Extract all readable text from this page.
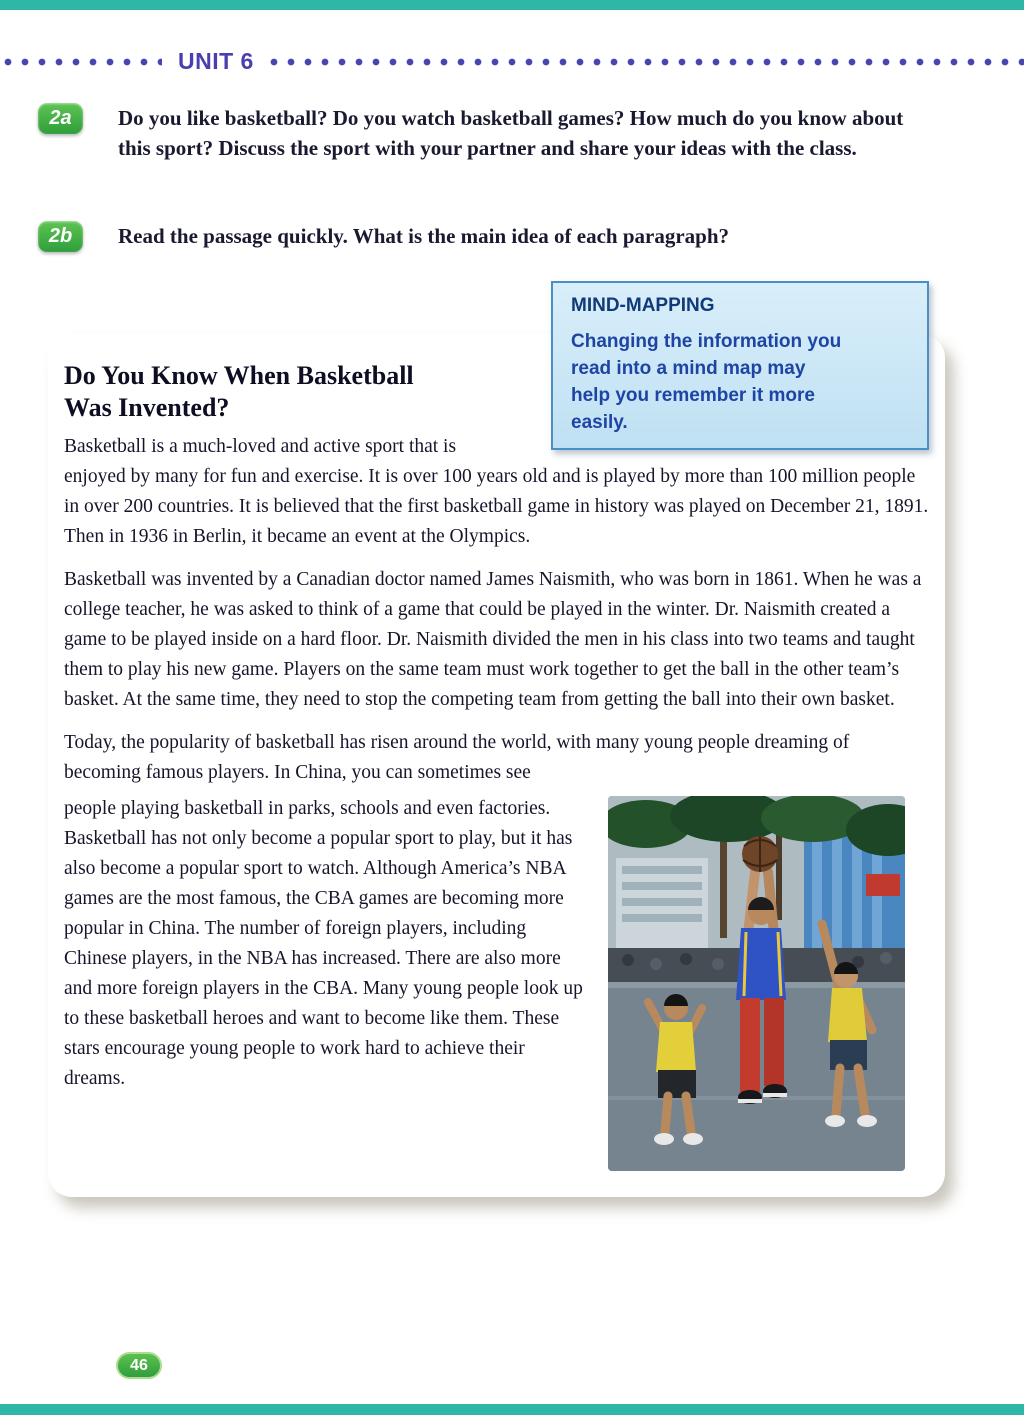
UNIT 6
2a	Do you like basketball? Do you watch basketball games? How much do you know about this sport? Discuss the sport with your partner and share your ideas with the class.
2b	Read the passage quickly. What is the main idea of each paragraph?
MIND-MAPPING
Changing the information you
read into a mind map may
help you remember it more
easily.
Do You Know When Basketball
Was Invented?

Basketball is a much-loved and active sport that is enjoyed by many for fun and exercise. It is over 100 years old and is played by more than 100 million people in over 200 countries. It is believed that the first basketball game in history was played on December 21, 1891. Then in 1936 in Berlin, it became an event at the Olympics.

Basketball was invented by a Canadian doctor named James Naismith, who was born in 1861. When he was a college teacher, he was asked to think of a game that could be played in the winter. Dr. Naismith created a game to be played inside on a hard floor. Dr. Naismith divided the men in his class into two teams and taught them to play his new game. Players on the same team must work together to get the ball in the other team’s basket. At the same time, they need to stop the competing team from getting the ball into their own basket.

Today, the popularity of basketball has risen around the world, with many young people dreaming of becoming famous players. In China, you can sometimes see

people playing basketball in parks, schools and even factories. Basketball has not only become a popular sport to play, but it has also become a popular sport to watch. Although America’s NBA games are the most famous, the CBA games are becoming more popular in China. The number of foreign players, including Chinese players, in the NBA has increased. There are also more and more foreign players in the CBA. Many young people look up to these basketball heroes and want to become like them. These stars encourage young people to work hard to achieve their dreams.

46
